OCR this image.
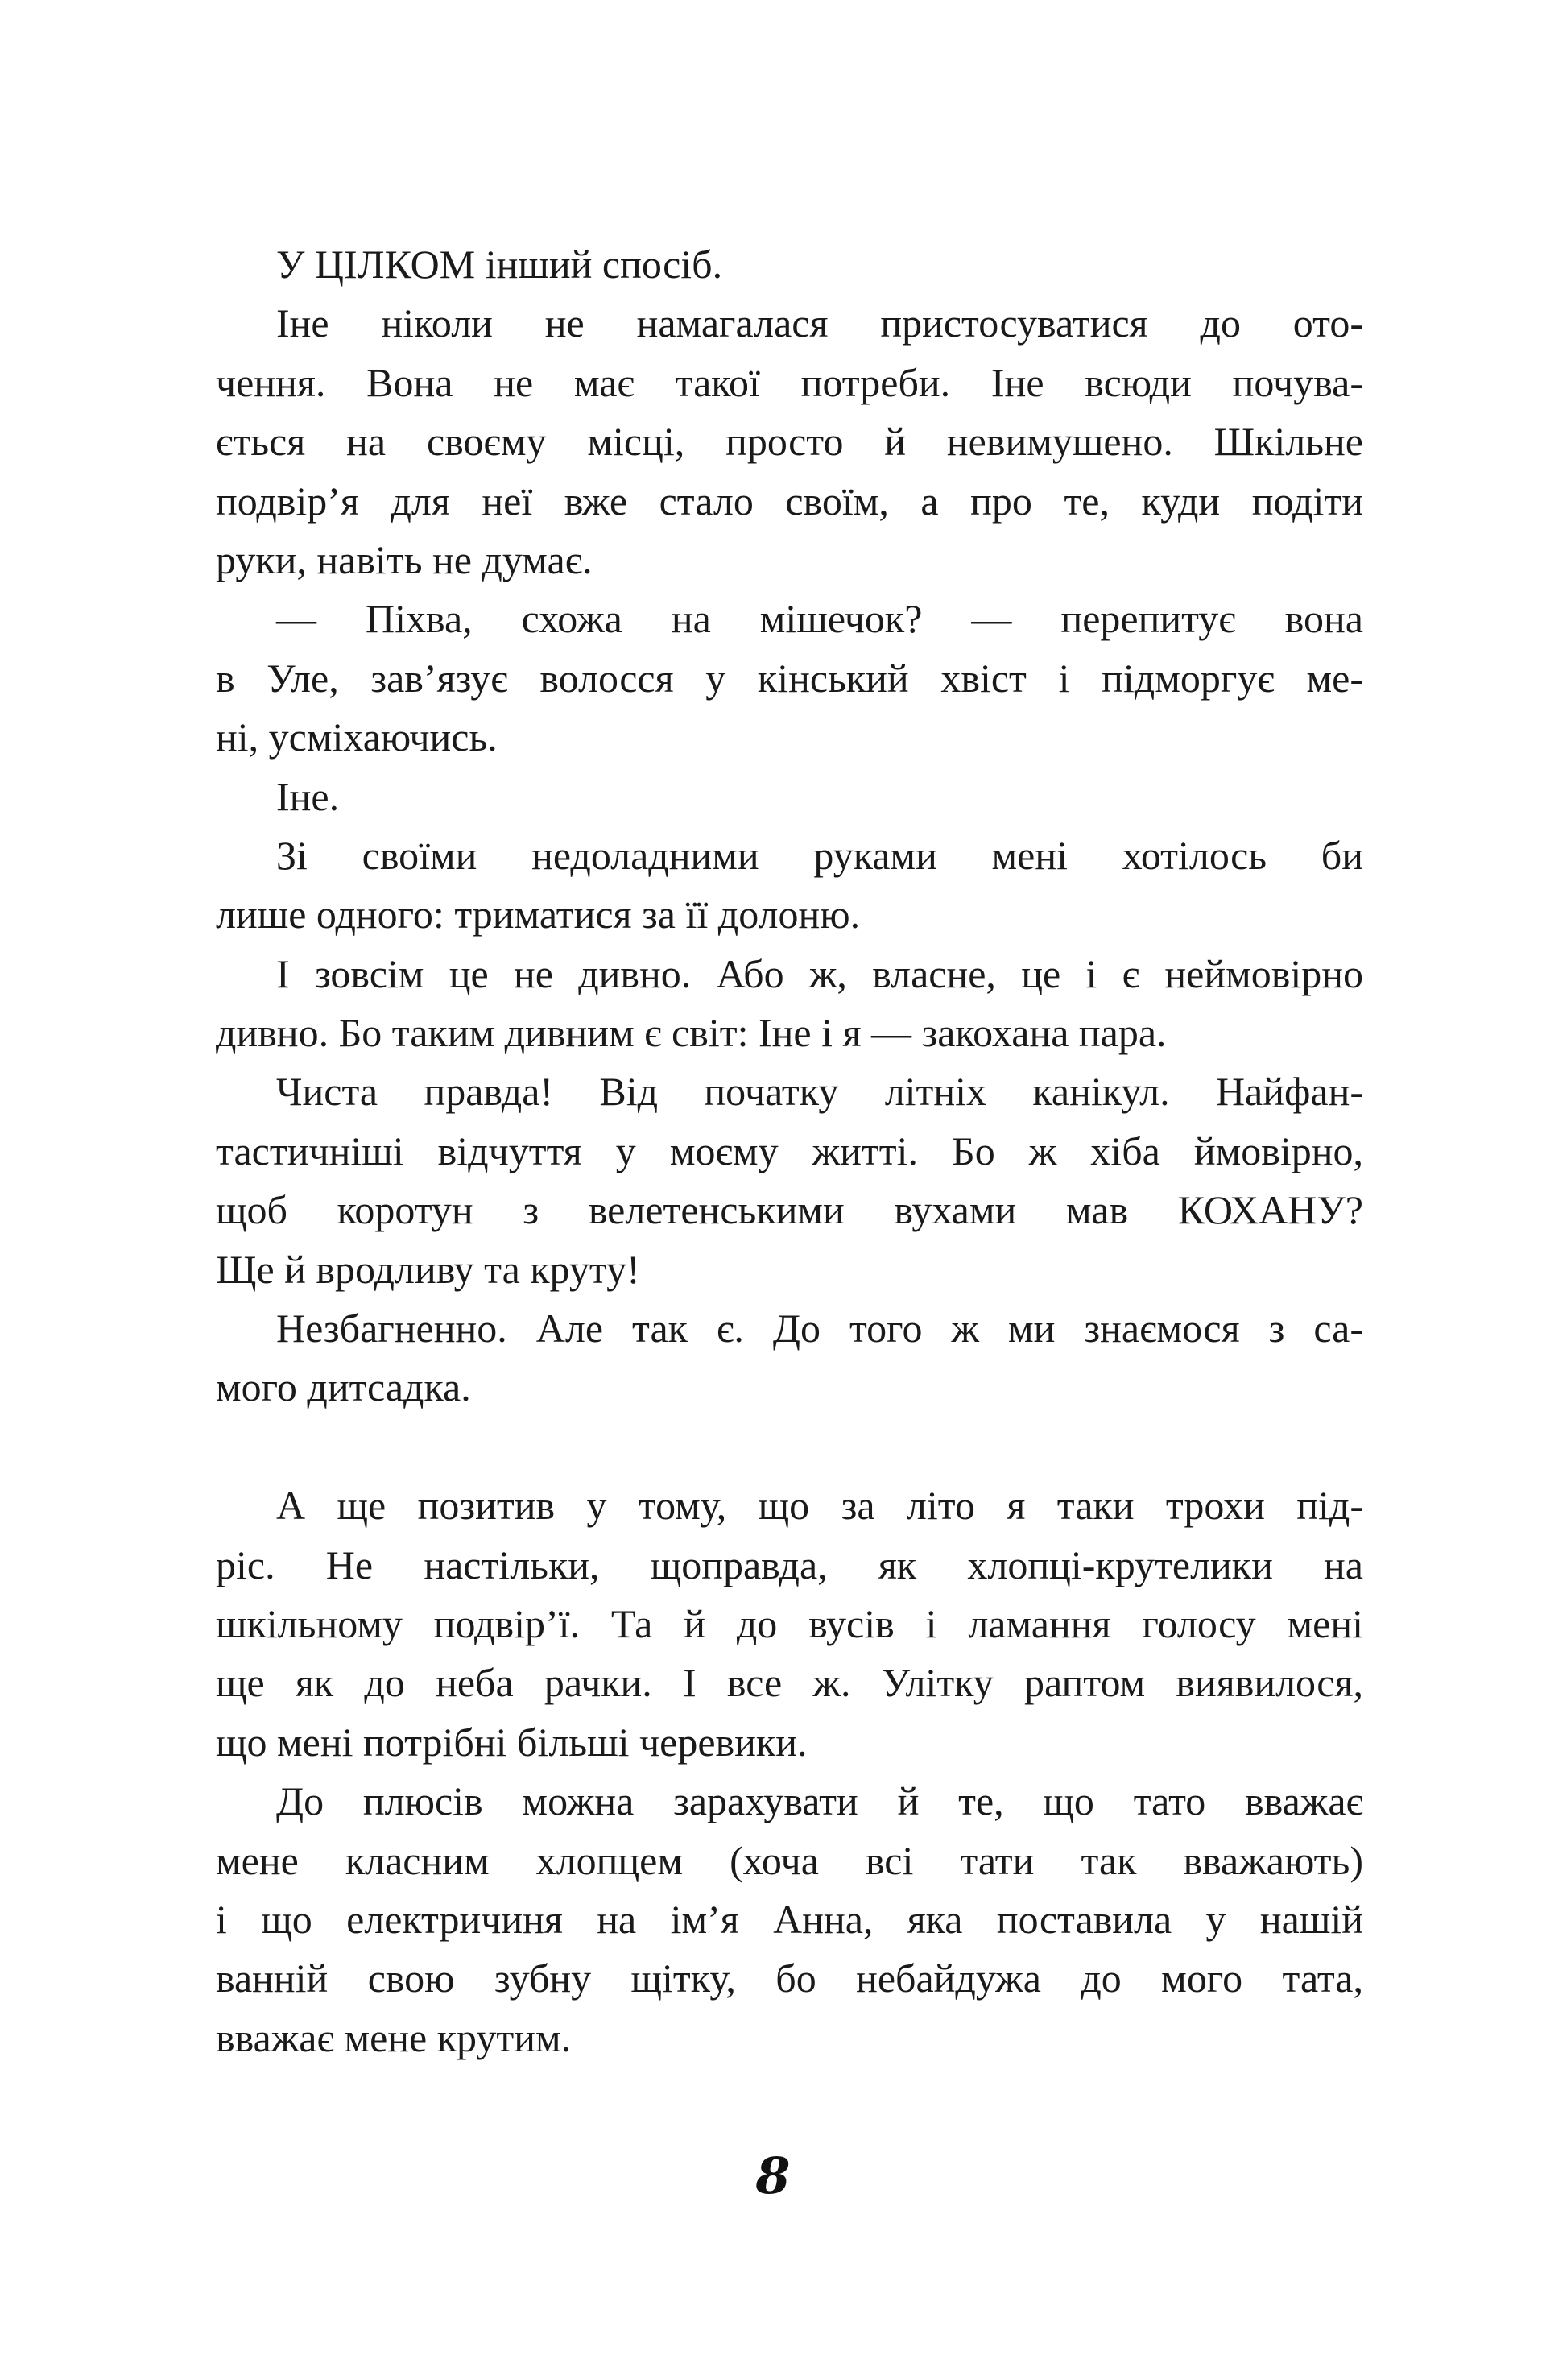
У ЦІЛКОМ інший спосіб.
Іне ніколи не намагалася пристосуватися до ото-
чення. Вона не має такої потреби. Іне всюди почува-
ється на своєму місці, просто й невимушено. Шкільне
подвір’я для неї вже стало своїм, а про те, куди подіти
руки, навіть не думає.
— Піхва, схожа на мішечок? — перепитує вона
в Уле, зав’язує волосся у кінський хвіст і підморгує ме-
ні, усміхаючись.
Іне.
Зі своїми недоладними руками мені хотілось би
лише одного: триматися за її долоню.
І зовсім це не дивно. Або ж, власне, це і є неймовірно
дивно. Бо таким дивним є світ: Іне і я — закохана пара.
Чиста правда! Від початку літніх канікул. Найфан-
тастичніші відчуття у моєму житті. Бо ж хіба ймовірно,
щоб коротун з велетенськими вухами мав КОХАНУ?
Ще й вродливу та круту!
Незбагненно. Але так є. До того ж ми знаємося з са-
мого дитсадка.
А ще позитив у тому, що за літо я таки трохи під-
ріс. Не настільки, щоправда, як хлопці-крутелики на
шкільному подвір’ї. Та й до вусів і ламання голосу мені
ще як до неба рачки. І все ж. Улітку раптом виявилося,
що мені потрібні більші черевики.
До плюсів можна зарахувати й те, що тато вважає
мене класним хлопцем (хоча всі тати так вважають)
і що електричиня на ім’я Анна, яка поставила у нашій
ванній свою зубну щітку, бо небайдужа до мого тата,
вважає мене крутим.
8
